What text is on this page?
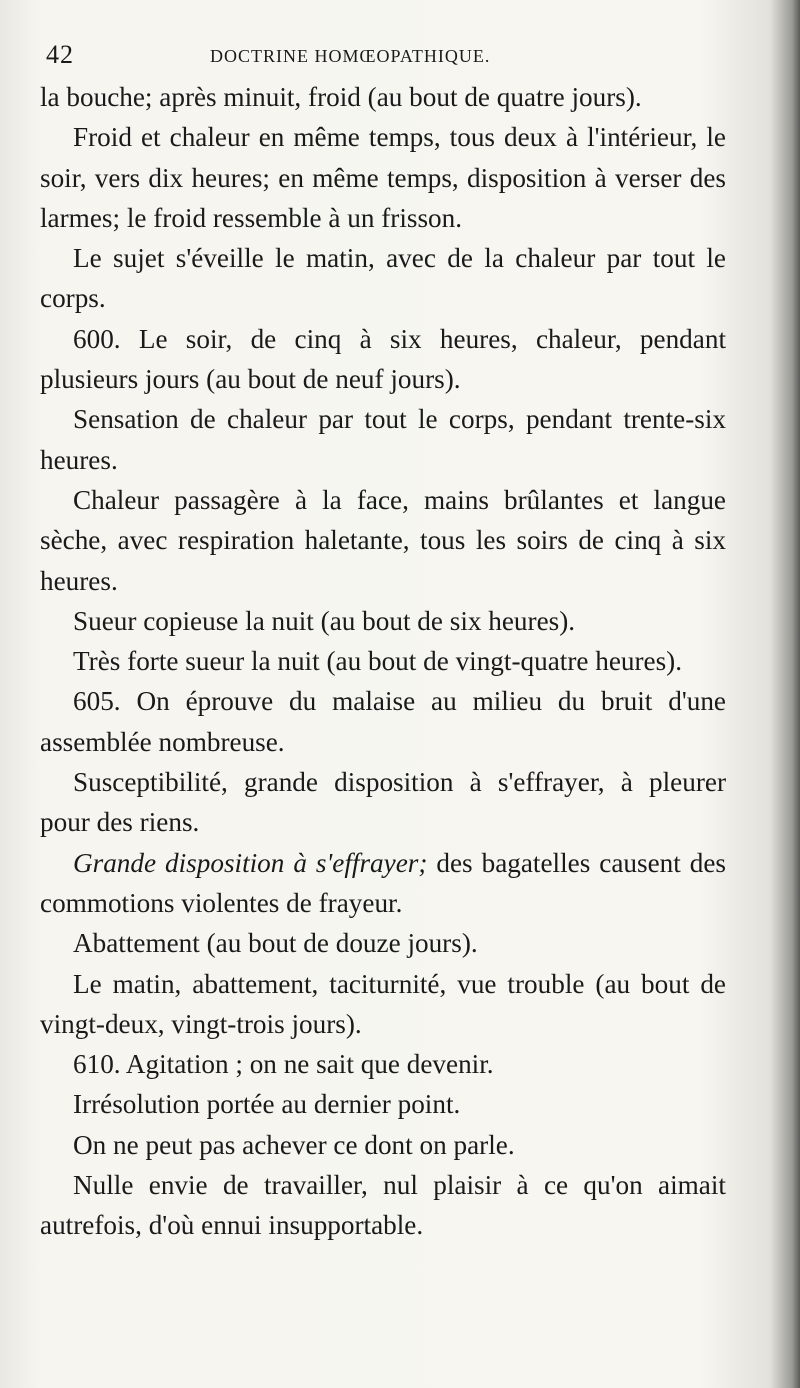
42	DOCTRINE HOMŒOPATHIQUE.

la bouche; après minuit, froid (au bout de quatre jours).

Froid et chaleur en même temps, tous deux à l'intérieur, le soir, vers dix heures; en même temps, disposition à verser des larmes; le froid ressemble à un frisson.

Le sujet s'éveille le matin, avec de la chaleur par tout le corps.

600. Le soir, de cinq à six heures, chaleur, pendant plusieurs jours (au bout de neuf jours).

Sensation de chaleur par tout le corps, pendant trente-six heures.

Chaleur passagère à la face, mains brûlantes et langue sèche, avec respiration haletante, tous les soirs de cinq à six heures.

Sueur copieuse la nuit (au bout de six heures).

Très forte sueur la nuit (au bout de vingt-quatre heures).

605. On éprouve du malaise au milieu du bruit d'une assemblée nombreuse.

Susceptibilité, grande disposition à s'effrayer, à pleurer pour des riens.

Grande disposition à s'effrayer; des bagatelles causent des commotions violentes de frayeur.

Abattement (au bout de douze jours).

Le matin, abattement, taciturnité, vue trouble (au bout de vingt-deux, vingt-trois jours).

610. Agitation ; on ne sait que devenir.

Irrésolution portée au dernier point.

On ne peut pas achever ce dont on parle.

Nulle envie de travailler, nul plaisir à ce qu'on aimait autrefois, d'où ennui insupportable.
